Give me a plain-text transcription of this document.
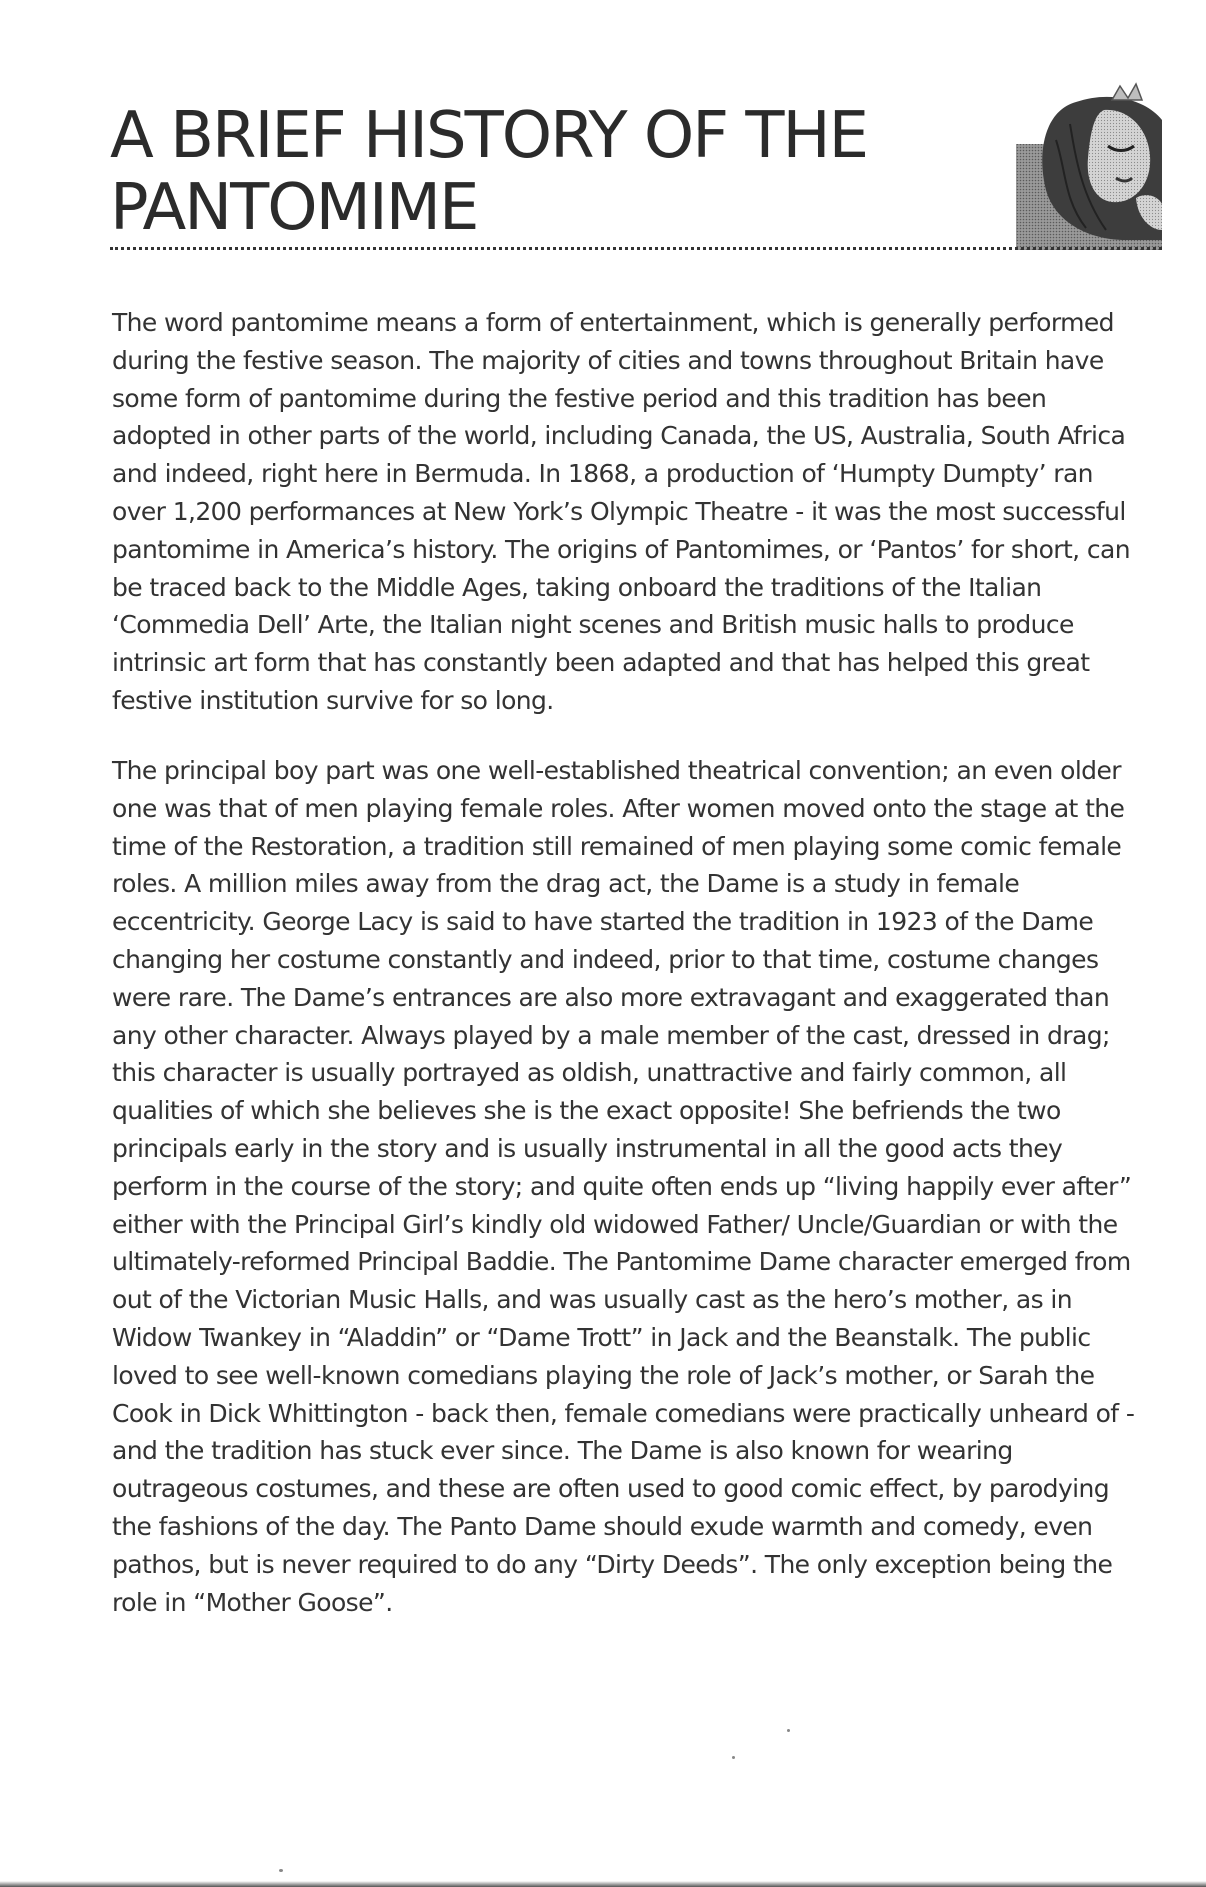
A BRIEF HISTORY OF THE PANTOMIME

The word pantomime means a form of entertainment, which is generally performed during the festive season. The majority of cities and towns throughout Britain have some form of pantomime during the festive period and this tradition has been adopted in other parts of the world, including Canada, the US, Australia, South Africa and indeed, right here in Bermuda. In 1868, a production of ‘Humpty Dumpty’ ran over 1,200 performances at New York’s Olympic Theatre - it was the most successful pantomime in America’s history. The origins of Pantomimes, or ‘Pantos’ for short, can be traced back to the Middle Ages, taking onboard the traditions of the Italian ‘Commedia Dell’ Arte, the Italian night scenes and British music halls to produce intrinsic art form that has constantly been adapted and that has helped this great festive institution survive for so long.

The principal boy part was one well-established theatrical convention; an even older one was that of men playing female roles. After women moved onto the stage at the time of the Restoration, a tradition still remained of men playing some comic female roles. A million miles away from the drag act, the Dame is a study in female eccentricity. George Lacy is said to have started the tradition in 1923 of the Dame changing her costume constantly and indeed, prior to that time, costume changes were rare. The Dame’s entrances are also more extravagant and exaggerated than any other character. Always played by a male member of the cast, dressed in drag; this character is usually portrayed as oldish, unattractive and fairly common, all qualities of which she believes she is the exact opposite! She befriends the two principals early in the story and is usually instrumental in all the good acts they perform in the course of the story; and quite often ends up “living happily ever after” either with the Principal Girl’s kindly old widowed Father/ Uncle/Guardian or with the ultimately-reformed Principal Baddie. The Pantomime Dame character emerged from out of the Victorian Music Halls, and was usually cast as the hero’s mother, as in Widow Twankey in “Aladdin” or “Dame Trott” in Jack and the Beanstalk. The public loved to see well-known comedians playing the role of Jack’s mother, or Sarah the Cook in Dick Whittington - back then, female comedians were practically unheard of - and the tradition has stuck ever since. The Dame is also known for wearing outrageous costumes, and these are often used to good comic effect, by parodying the fashions of the day. The Panto Dame should exude warmth and comedy, even pathos, but is never required to do any “Dirty Deeds”. The only exception being the role in “Mother Goose”.
